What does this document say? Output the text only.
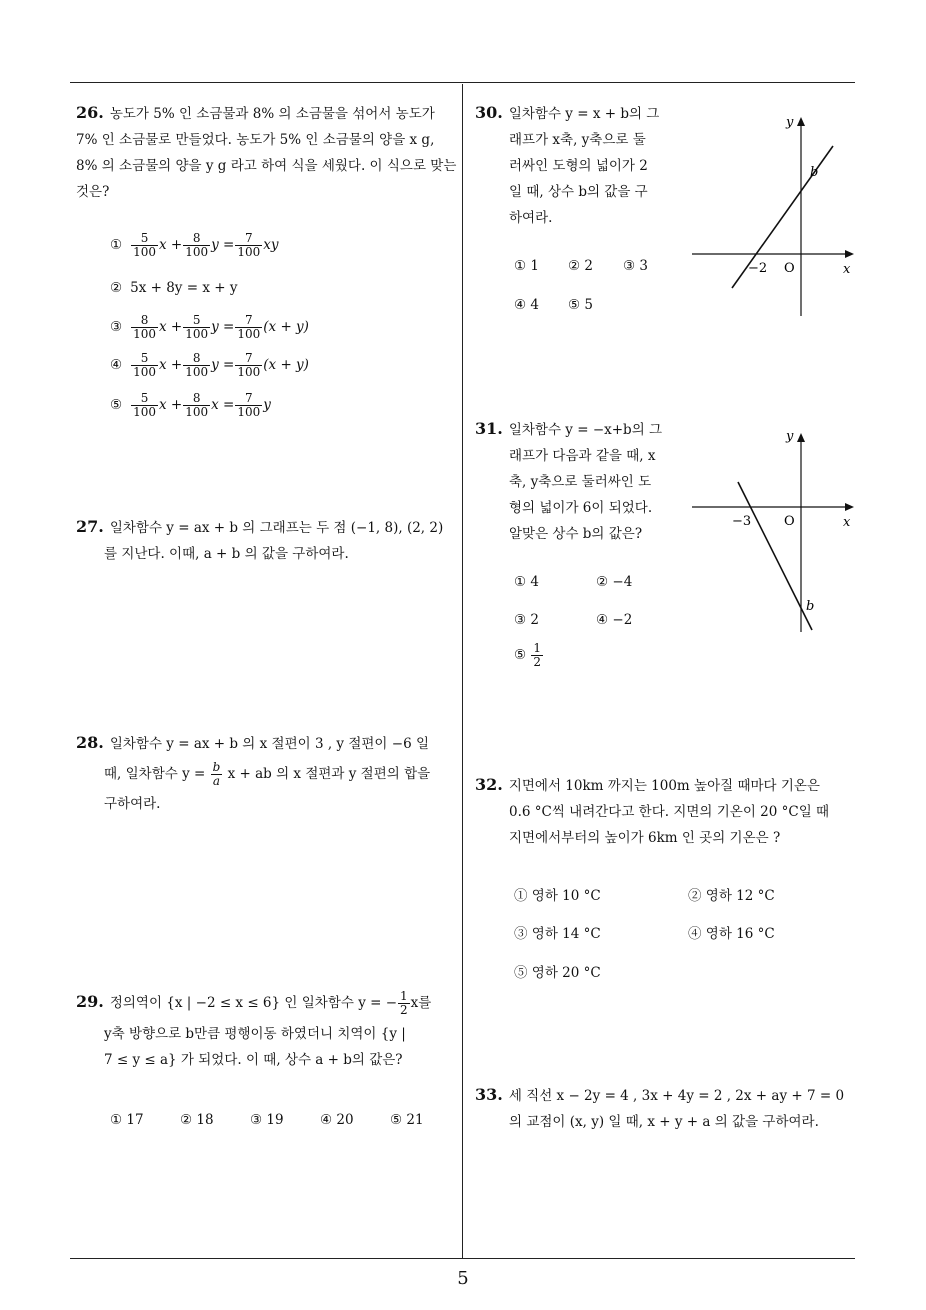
26. 농도가 5% 인 소금물과 8% 의 소금물을 섞어서 농도가 7% 인 소금물로 만들었다. 농도가 5% 인 소금물의 양을 x g, 8% 의 소금물의 양을 y g 라고 하여 식을 세웠다. 이 식으로 맞는 것은?
① $\frac{5}{100}$ $x + \frac{8}{100}$ $y = \frac{7}{100}$ xy
② 5x + 8y = x + y
③ $\frac{8}{100}$ $x + \frac{5}{100}$ $y = \frac{7}{100} (x + y)$
④ $\frac{5}{100}$ $x + \frac{8}{100}$ $y = \frac{7}{100} (x + y)$
⑤ $\frac{5}{100}$ $x + \frac{8}{100}$ $x = \frac{7}{100}$ y
27. 일차함수 y = ax + b 의 그래프는 두 점 (−1, 8), (2, 2)
를 지난다. 이때, a + b 의 값을 구하여라.
28. 일차함수 y = ax + b 의 x 절편이 3 , y 절편이 −6 일
때, 일차함수 $y = \frac{b}{a}$ x + ab 의 x 절편과 y 절편의 합을
구하여라.
29. 정의역이 {x | −2 ≤ x ≤ 6} 인 일차함수 y = − $\frac{1}{2}$ x를
y축 방향으로 b만큼 평행이동 하였더니 치역이 {y |
7 ≤ y ≤ a} 가 되었다. 이 때, 상수 a + b의 값은?
① 17	② 18	③ 19	④ 20	⑤ 21
30. 일차함수 y = x + b의 그
래프가 x축, y축으로 둘
러싸인 도형의 넓이가 2
일 때, 상수 b의 값을 구
하여라.
① 1 ② 2 ③ 3
④ 4 ⑤ 5
y
x
O
−2
b
31. 일차함수 y = −x+b의 그
래프가 다음과 같을 때, x
축, y축으로 둘러싸인 도
형의 넓이가 6이 되었다.
알맞은 상수 b의 값은?
① 4	② −4
③ 2	④ −2
⑤ $\frac{1}{2}$
y
x
O
−3
b
32. 지면에서 10km 까지는 100m 높아질 때마다 기온은
0.6 °C씩 내려간다고 한다. 지면의 기온이 20 °C일 때
지면에서부터의 높이가 6km 인 곳의 기온은 ?
① 영하 10 °C	② 영하 12 °C
③ 영하 14 °C	④ 영하 16 °C
⑤ 영하 20 °C
33. 세 직선 x − 2y = 4 , 3x + 4y = 2 , 2x + ay + 7 = 0
의 교점이 (x, y) 일 때, x + y + a 의 값을 구하여라.
5
